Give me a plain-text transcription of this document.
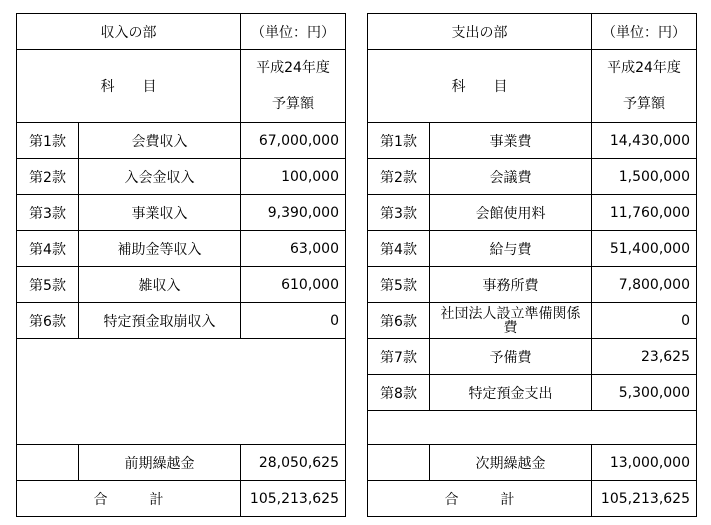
収入の部		（単位：円）
科　　目		平成24年度
予算額

第1款	会費収入	67,000,000
第2款	入会金収入	100,000
第3款	事業収入	9,390,000
第4款	補助金等収入	63,000
第5款	雑収入	610,000
第6款	特定預金取崩収入	0

	前期繰越金	28,050,625
合　　　計		105,213,625
支出の部		（単位：円）
科　　目		平成24年度
予算額

第1款	事業費	14,430,000
第2款	会議費	1,500,000
第3款	会館使用料	11,760,000
第4款	給与費	51,400,000
第5款	事務所費	7,800,000
第6款	社団法人設立準備関係費	0
第7款	予備費	23,625
第8款	特定預金支出	5,300,000

	次期繰越金	13,000,000
合　　　計		105,213,625
